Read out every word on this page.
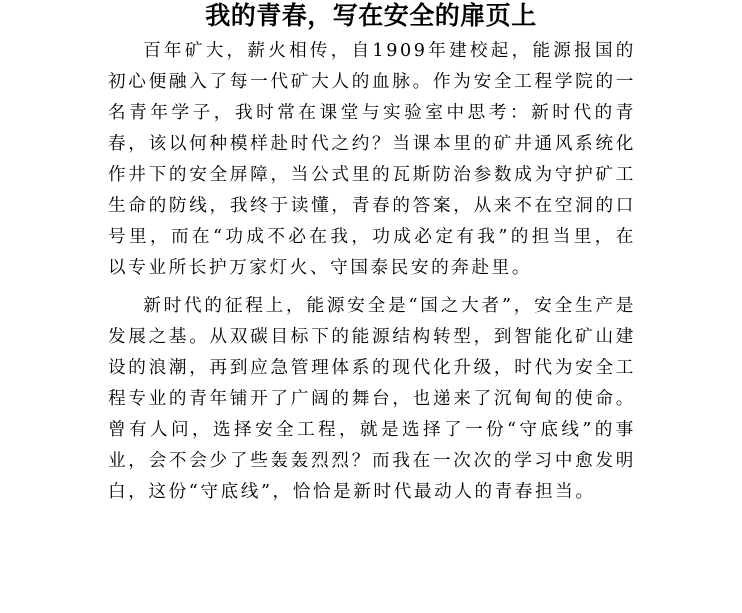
我的青春，写在安全的扉页上

百年矿大，薪火相传，自1909年建校起，能源报国的初心便融入了每一代矿大人的血脉。作为安全工程学院的一名青年学子，我时常在课堂与实验室中思考：新时代的青春，该以何种模样赴时代之约？当课本里的矿井通风系统化作井下的安全屏障，当公式里的瓦斯防治参数成为守护矿工生命的防线，我终于读懂，青春的答案，从来不在空洞的口号里，而在“功成不必在我，功成必定有我”的担当里，在以专业所长护万家灯火、守国泰民安的奔赴里。

新时代的征程上，能源安全是“国之大者”，安全生产是发展之基。从双碳目标下的能源结构转型，到智能化矿山建设的浪潮，再到应急管理体系的现代化升级，时代为安全工程专业的青年铺开了广阔的舞台，也递来了沉甸甸的使命。曾有人问，选择安全工程，就是选择了一份“守底线”的事业，会不会少了些轰轰烈烈？而我在一次次的学习中愈发明白，这份“守底线”，恰恰是新时代最动人的青春担当。
